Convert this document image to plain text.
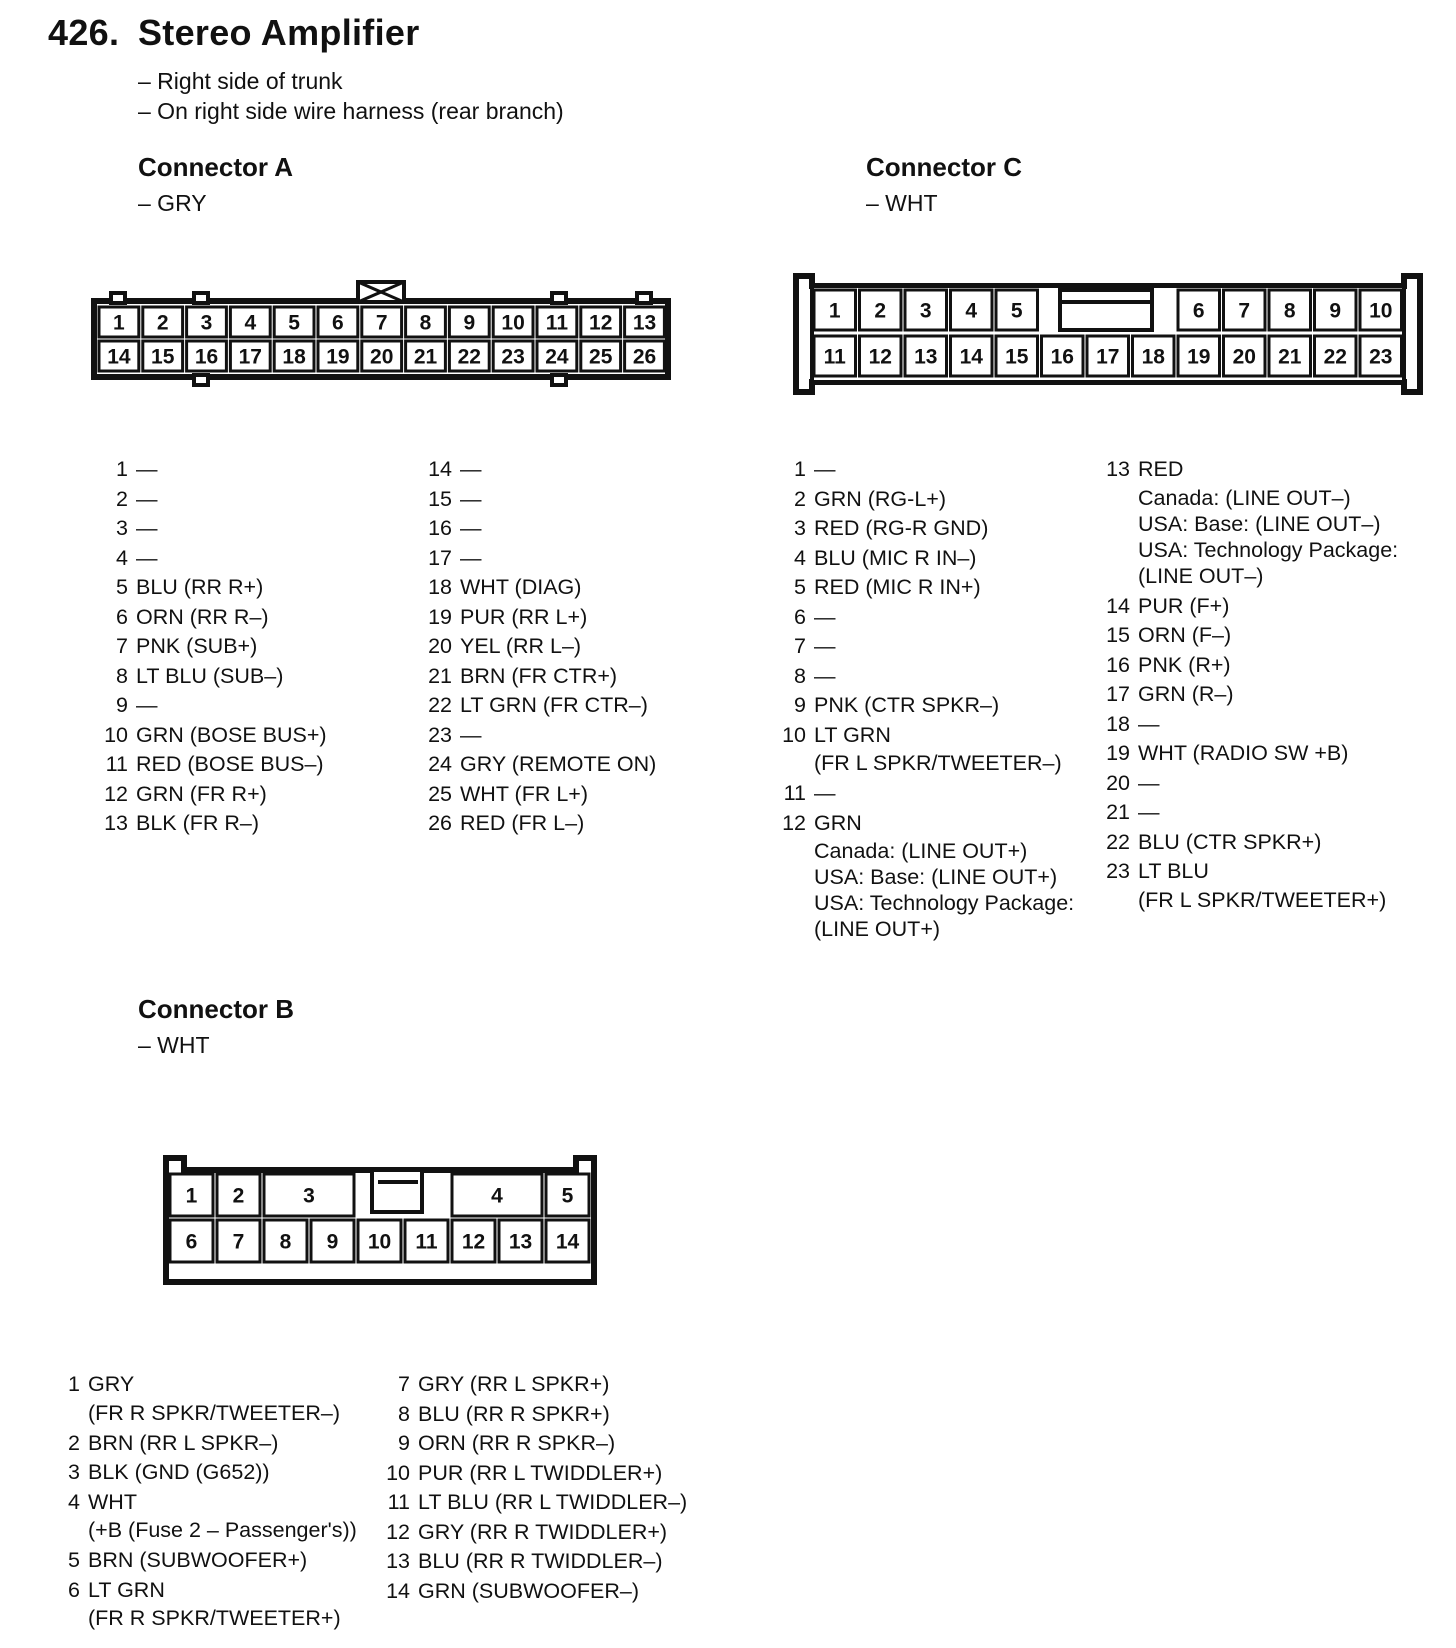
426. Stereo Amplifier
– Right side of trunk
– On right side wire harness (rear branch)
Connector A
– GRY
Connector C
– WHT
Connector B
– WHT
1 2 3 4 5 6 7 8 9 10 11 12 13
14 15 16 17 18 19 20 21 22 23 24 25 26
1 2 3 4 5	6 7 8 9 10
11 12 13 14 15 16 17 18 19 20 21 22 23
1 2	3	4	5
6 7 8 9 10 11 12 13 14
1 —
2 —
3 —
4 —
5 BLU (RR R+)
6 ORN (RR R–)
7 PNK (SUB+)
8 LT BLU (SUB–)
9 —
10 GRN (BOSE BUS+)
11 RED (BOSE BUS–)
12 GRN (FR R+)
13 BLK (FR R–)
14 —
15 —
16 —
17 —
18 WHT (DIAG)
19 PUR (RR L+)
20 YEL (RR L–)
21 BRN (FR CTR+)
22 LT GRN (FR CTR–)
23 —
24 GRY (REMOTE ON)
25 WHT (FR L+)
26 RED (FR L–)
1 —
2 GRN (RG-L+)
3 RED (RG-R GND)
4 BLU (MIC R IN–)
5 RED (MIC R IN+)
6 —
7 —
8 —
9 PNK (CTR SPKR–)
10 LT GRN
(FR L SPKR/TWEETER–)
11 —
12 GRN
Canada: (LINE OUT+)
USA: Base: (LINE OUT+)
USA: Technology Package:
(LINE OUT+)
13 RED
Canada: (LINE OUT–)
USA: Base: (LINE OUT–)
USA: Technology Package:
(LINE OUT–)
14 PUR (F+)
15 ORN (F–)
16 PNK (R+)
17 GRN (R–)
18 —
19 WHT (RADIO SW +B)
20 —
21 —
22 BLU (CTR SPKR+)
23 LT BLU
(FR L SPKR/TWEETER+)
1 GRY
(FR R SPKR/TWEETER–)
2 BRN (RR L SPKR–)
3 BLK (GND (G652))
4 WHT
(+B (Fuse 2 – Passenger's))
5 BRN (SUBWOOFER+)
6 LT GRN
(FR R SPKR/TWEETER+)
7 GRY (RR L SPKR+)
8 BLU (RR R SPKR+)
9 ORN (RR R SPKR–)
10 PUR (RR L TWIDDLER+)
11 LT BLU (RR L TWIDDLER–)
12 GRY (RR R TWIDDLER+)
13 BLU (RR R TWIDDLER–)
14 GRN (SUBWOOFER–)
